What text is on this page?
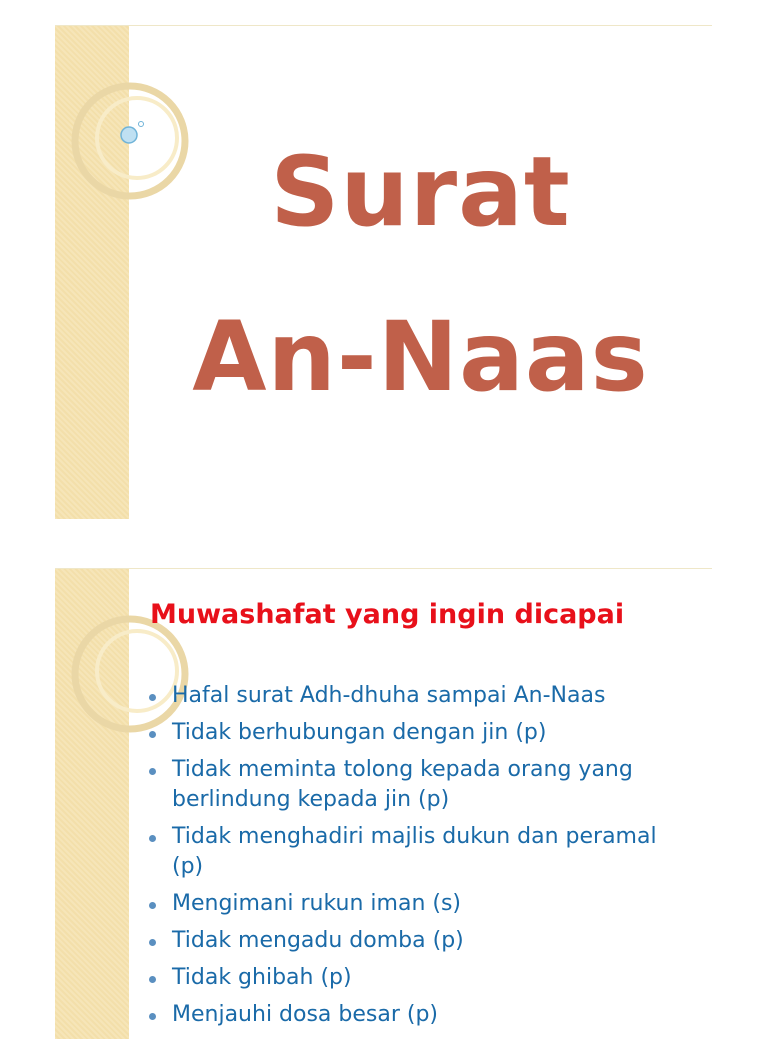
Surat
An-Naas
Muwashafat yang ingin dicapai
Hafal surat Adh-dhuha sampai An-Naas
Tidak berhubungan dengan jin (p)
Tidak meminta tolong kepada orang yang berlindung kepada jin (p)
Tidak menghadiri majlis dukun dan peramal (p)
Mengimani rukun iman (s)
Tidak mengadu domba (p)
Tidak ghibah (p)
Menjauhi dosa besar (p)
